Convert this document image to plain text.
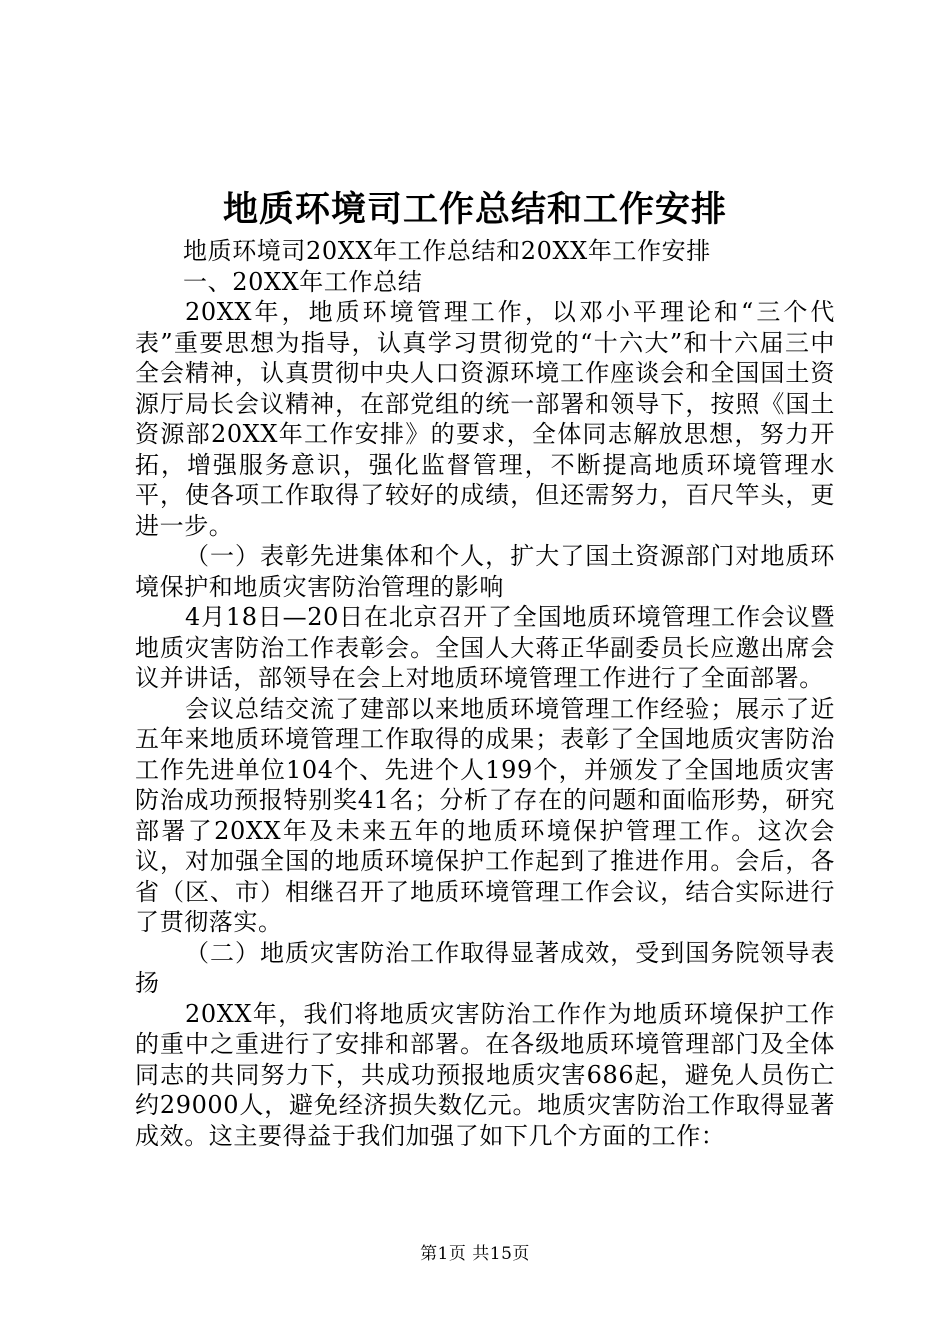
地质环境司工作总结和工作安排

地质环境司20XX年工作总结和20XX年工作安排

一、20XX年工作总结

20XX年，地质环境管理工作，以邓小平理论和“三个代表”重要思想为指导，认真学习贯彻党的“十六大”和十六届三中全会精神，认真贯彻中央人口资源环境工作座谈会和全国国土资源厅局长会议精神，在部党组的统一部署和领导下，按照《国土资源部20XX年工作安排》的要求，全体同志解放思想，努力开拓，增强服务意识，强化监督管理，不断提高地质环境管理水平，使各项工作取得了较好的成绩，但还需努力，百尺竿头，更进一步。

（一）表彰先进集体和个人，扩大了国土资源部门对地质环境保护和地质灾害防治管理的影响

4月18日—20日在北京召开了全国地质环境管理工作会议暨地质灾害防治工作表彰会。全国人大蒋正华副委员长应邀出席会议并讲话，部领导在会上对地质环境管理工作进行了全面部署。

会议总结交流了建部以来地质环境管理工作经验；展示了近五年来地质环境管理工作取得的成果；表彰了全国地质灾害防治工作先进单位104个、先进个人199个，并颁发了全国地质灾害防治成功预报特别奖41名；分析了存在的问题和面临形势，研究部署了20XX年及未来五年的地质环境保护管理工作。这次会议，对加强全国的地质环境保护工作起到了推进作用。会后，各省（区、市）相继召开了地质环境管理工作会议，结合实际进行了贯彻落实。

（二）地质灾害防治工作取得显著成效，受到国务院领导表扬

20XX年，我们将地质灾害防治工作作为地质环境保护工作的重中之重进行了安排和部署。在各级地质环境管理部门及全体同志的共同努力下，共成功预报地质灾害686起，避免人员伤亡约29000人，避免经济损失数亿元。地质灾害防治工作取得显著成效。这主要得益于我们加强了如下几个方面的工作：

第1页 共15页
